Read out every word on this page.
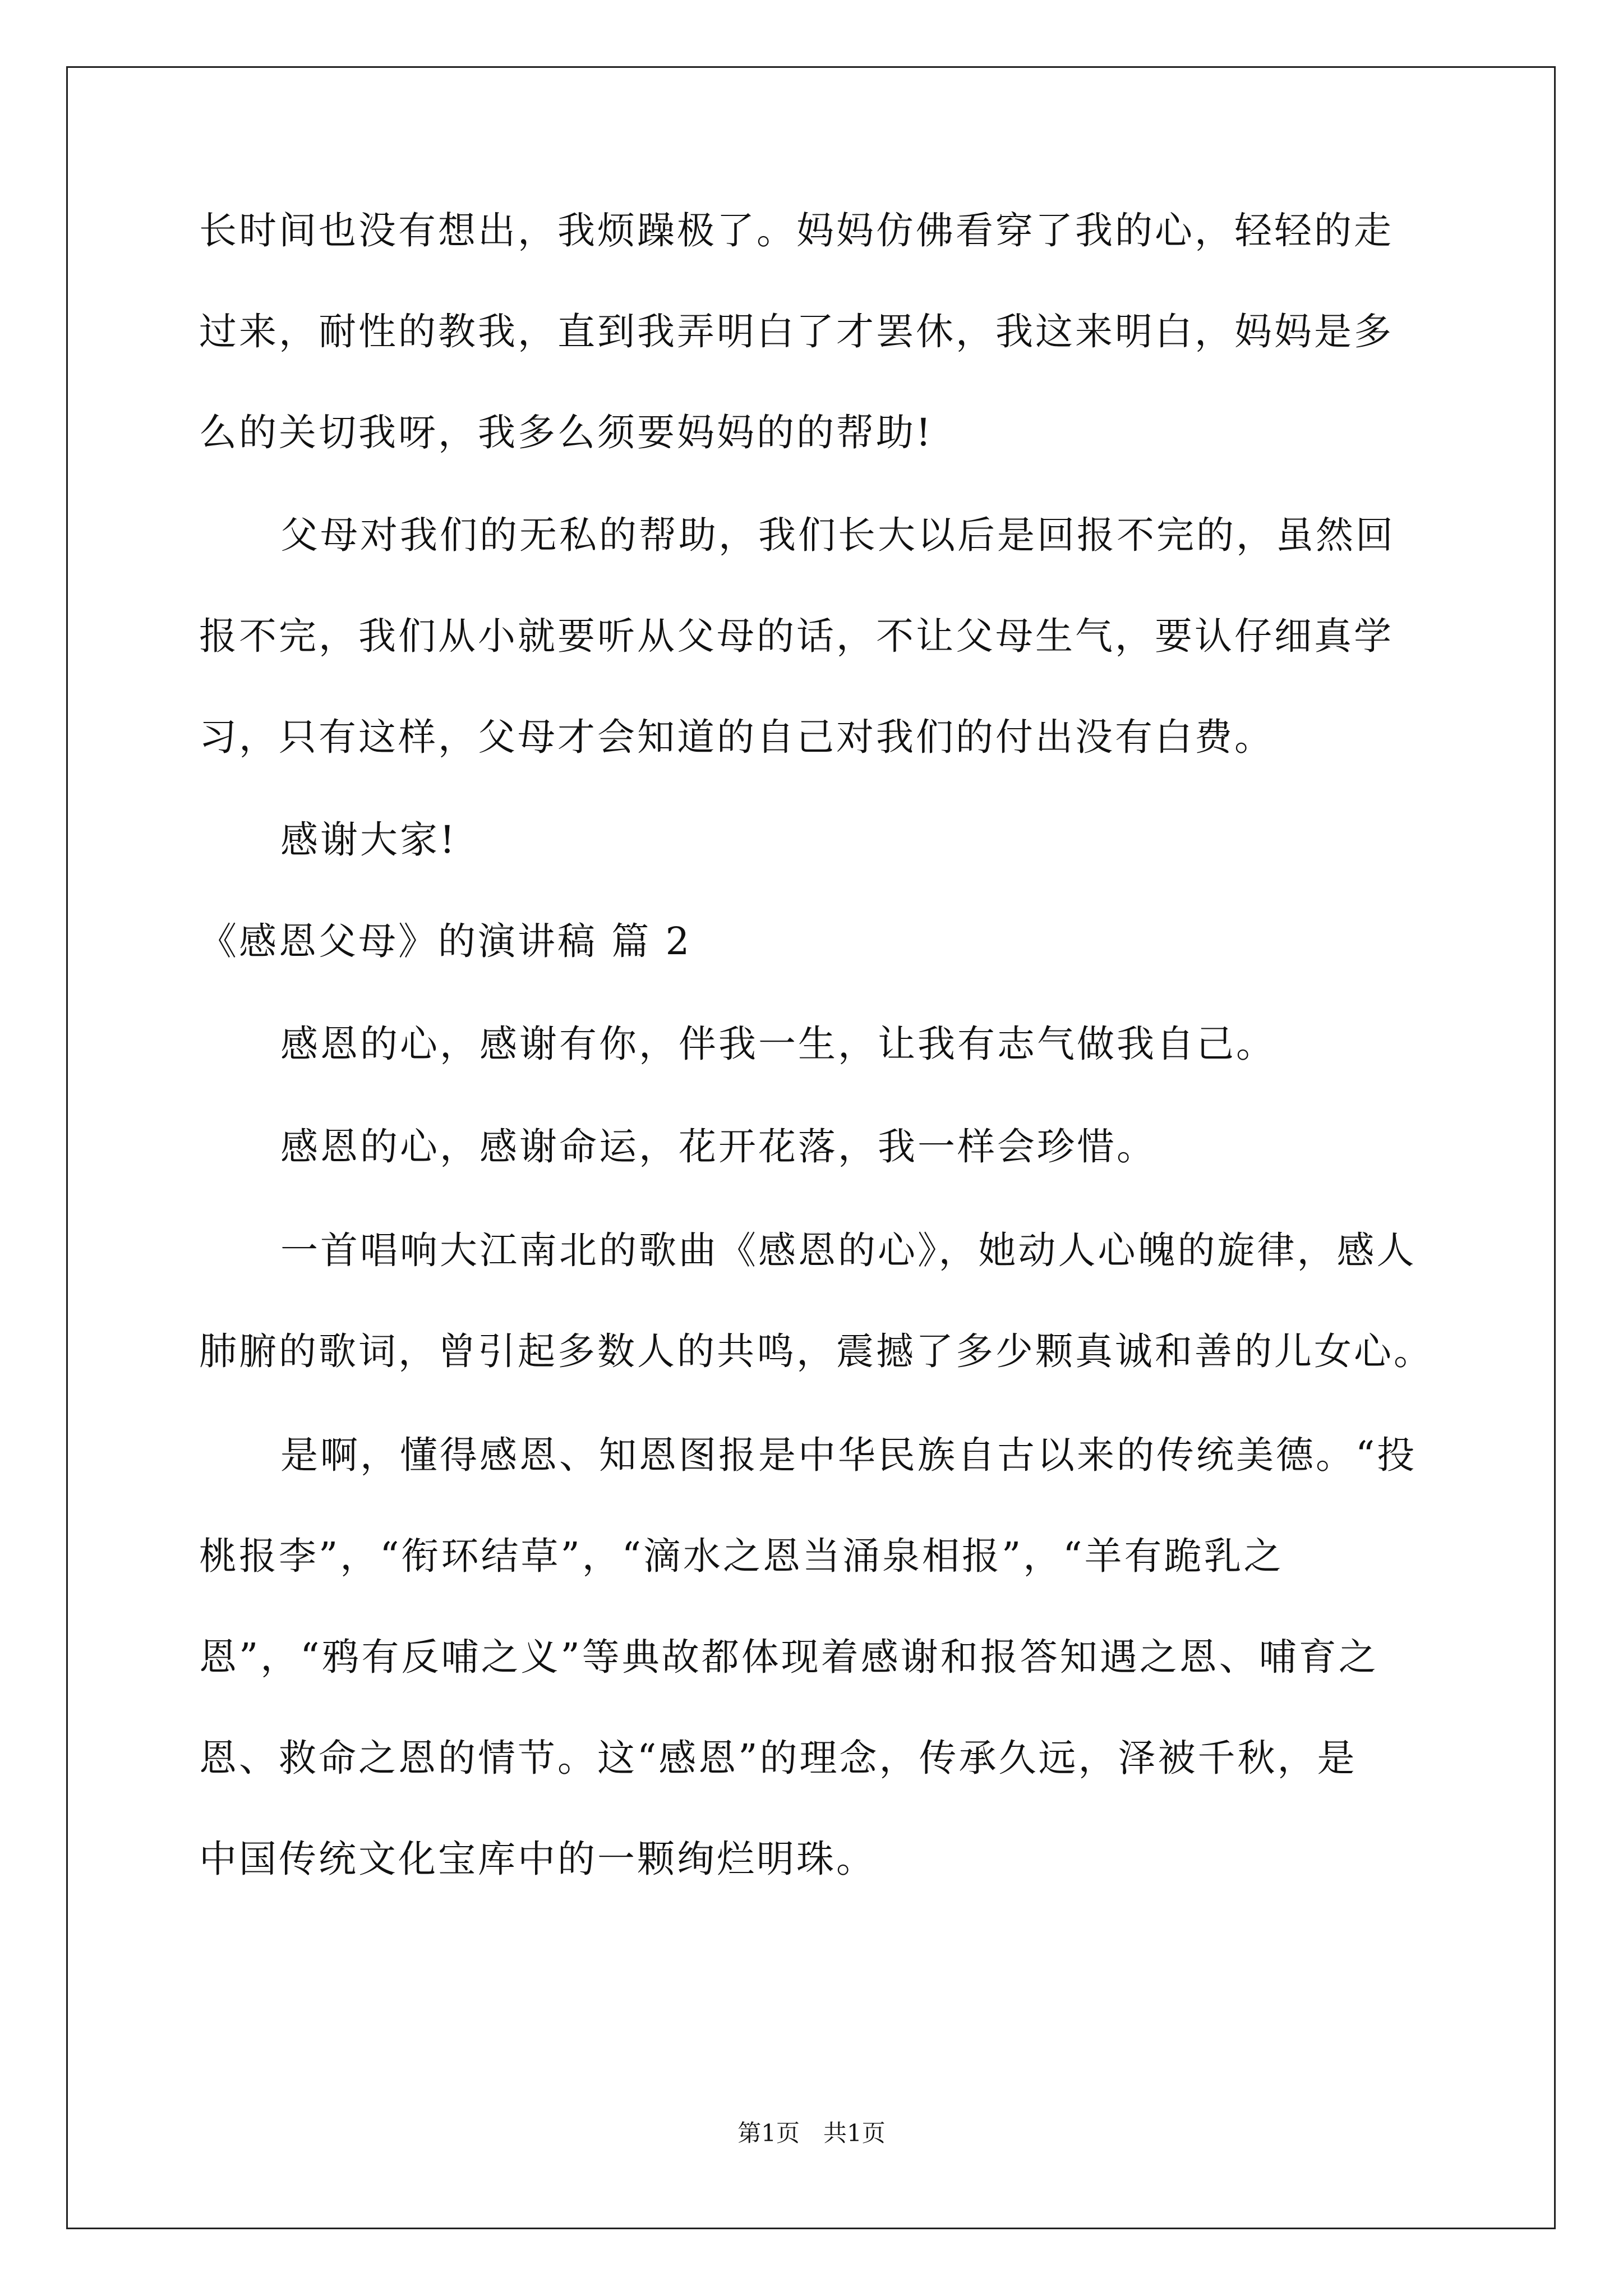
长时间也没有想出，我烦躁极了。妈妈仿佛看穿了我的心，轻轻的走

过来，耐性的教我，直到我弄明白了才罢休，我这来明白，妈妈是多

么的关切我呀，我多么须要妈妈的的帮助!

父母对我们的无私的帮助，我们长大以后是回报不完的，虽然回

报不完，我们从小就要听从父母的话，不让父母生气，要认仔细真学

习，只有这样，父母才会知道的自己对我们的付出没有白费。

感谢大家!

《感恩父母》的演讲稿 篇 2

感恩的心，感谢有你，伴我一生，让我有志气做我自己。

感恩的心，感谢命运，花开花落，我一样会珍惜。

一首唱响大江南北的歌曲《感恩的心》，她动人心魄的旋律，感人

肺腑的歌词，曾引起多数人的共鸣，震撼了多少颗真诚和善的儿女心。

是啊，懂得感恩、知恩图报是中华民族自古以来的传统美德。“投

桃报李”，“衔环结草”，“滴水之恩当涌泉相报”，“羊有跪乳之

恩”，“鸦有反哺之义”等典故都体现着感谢和报答知遇之恩、哺育之

恩、救命之恩的情节。这“感恩”的理念，传承久远，泽被千秋，是

中国传统文化宝库中的一颗绚烂明珠。

第1页 共1页
